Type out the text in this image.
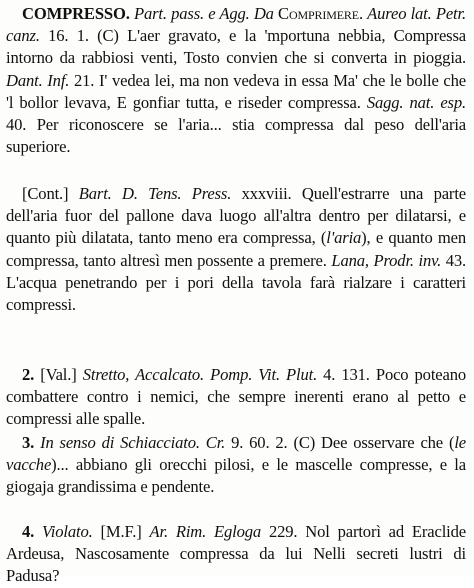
COMPRESSO. Part. pass. e Agg. Da Comprimere. Aureo lat. Petr. canz. 16. 1. (C) L'aer gravato, e la 'mportuna nebbia, Compressa intorno da rabbiosi venti, Tosto convien che si converta in pioggia. Dant. Inf. 21. I' vedea lei, ma non vedeva in essa Ma' che le bolle che 'l bollor levava, E gonfiar tutta, e riseder compressa. Sagg. nat. esp. 40. Per riconoscere se l'aria... stia compressa dal peso dell'aria superiore.

[Cont.] Bart. D. Tens. Press. xxxviii. Quell'estrarre una parte dell'aria fuor del pallone dava luogo all'altra dentro per dilatarsi, e quanto più dilatata, tanto meno era compressa, (l'aria), e quanto men compressa, tanto altresì men possente a premere. Lana, Prodr. inv. 43. L'acqua penetrando per i pori della tavola farà rialzare i caratteri compressi.

2. [Val.] Stretto, Accalcato. Pomp. Vit. Plut. 4. 131. Poco poteano combattere contro i nemici, che sempre inerenti erano al petto e compressi alle spalle.

3. In senso di Schiacciato. Cr. 9. 60. 2. (C) Dee osservare che (le vacche)... abbiano gli orecchi pilosi, e le mascelle compresse, e la giogaja grandissima e pendente.

4. Violato. [M.F.] Ar. Rim. Egloga 229. Nol partorì ad Eraclide Ardeusa, Nascosamente compressa da lui Nelli secreti lustri di Padusa?
